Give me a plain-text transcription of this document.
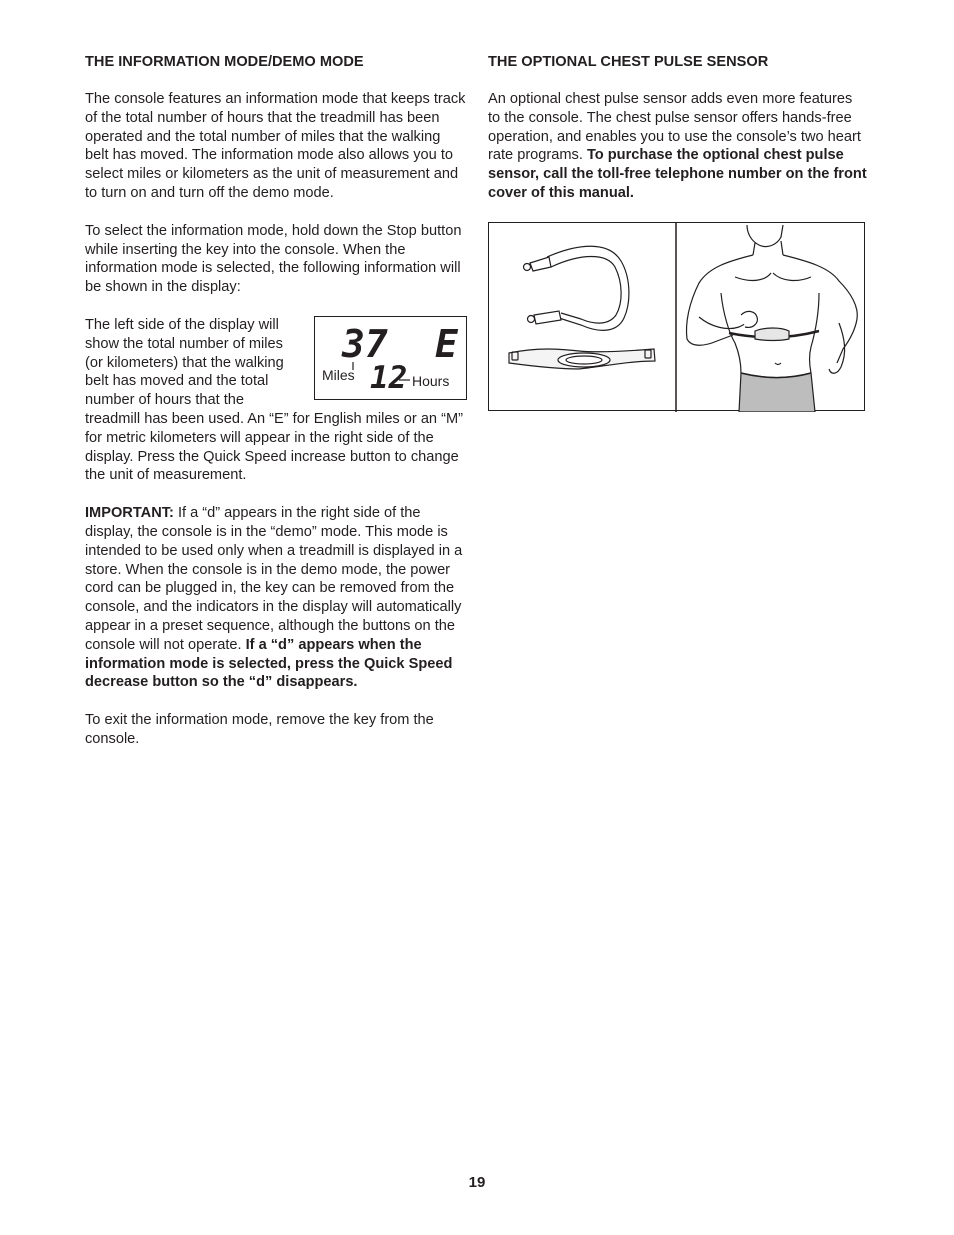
THE INFORMATION MODE/DEMO MODE

The console features an information mode that keeps track of the total number of hours that the treadmill has been operated and the total number of miles that the walking belt has moved. The information mode also allows you to select miles or kilometers as the unit of measurement and to turn on and turn off the demo mode.

To select the information mode, hold down the Stop button while inserting the key into the console. When the information mode is selected, the following information will be shown in the display:

37 E
12
Miles	Hours

The left side of the display will show the total number of miles (or kilometers) that the walking belt has moved and the total number of hours that the treadmill has been used. An “E” for English miles or an “M” for metric kilometers will appear in the right side of the display. Press the Quick Speed increase button to change the unit of measurement.

IMPORTANT: If a “d” appears in the right side of the display, the console is in the “demo” mode. This mode is intended to be used only when a treadmill is displayed in a store. When the console is in the demo mode, the power cord can be plugged in, the key can be removed from the console, and the indicators in the display will automatically appear in a preset sequence, although the buttons on the console will not operate. If a “d” appears when the information mode is selected, press the Quick Speed decrease button so the “d” disappears.

To exit the information mode, remove the key from the console.

THE OPTIONAL CHEST PULSE SENSOR

An optional chest pulse sensor adds even more features to the console. The chest pulse sensor offers hands-free operation, and enables you to use the console’s two heart rate programs. To purchase the optional chest pulse sensor, call the toll-free telephone number on the front cover of this manual.

19
